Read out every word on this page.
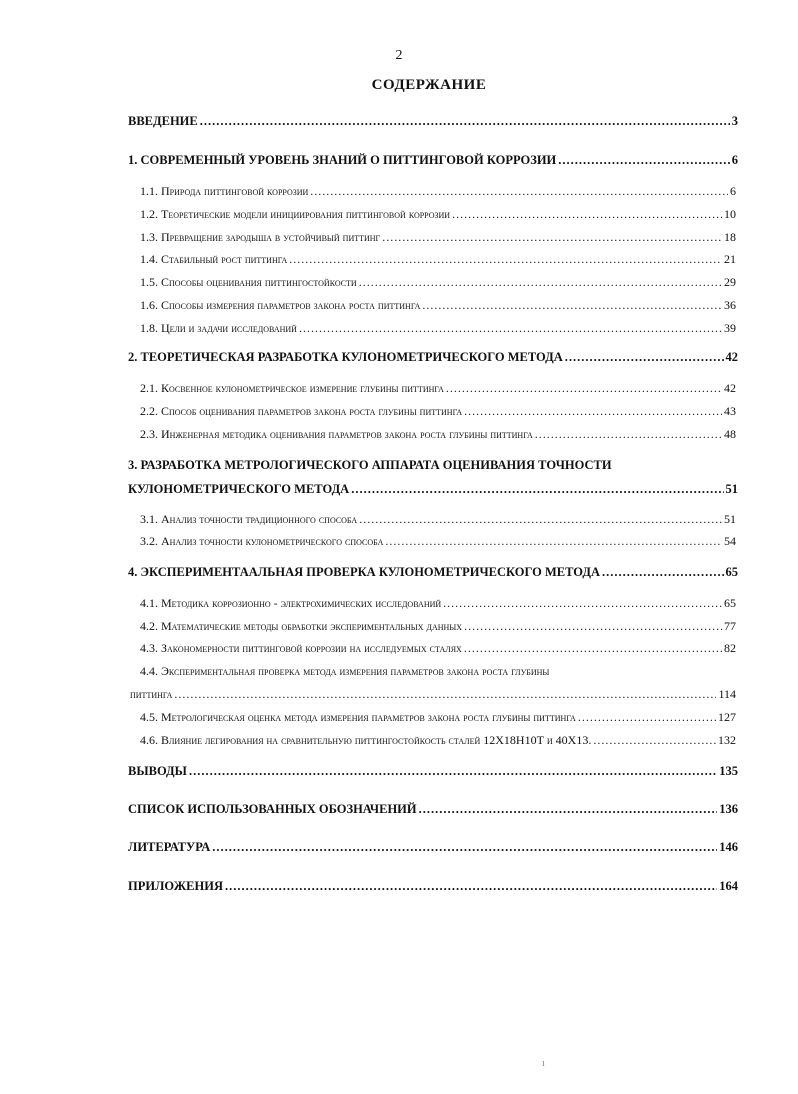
2
СОДЕРЖАНИЕ
ВВЕДЕНИЕ .....	3
1. СОВРЕМЕННЫЙ УРОВЕНЬ ЗНАНИЙ О ПИТТИНГОВОЙ КОРРОЗИИ .....	6
1.1. Природа питтинговой коррозии .....	6
1.2. Теоретические модели инициирования питтинговой коррозии .....	10
1.3. Превращение зародыша в устойчивый питтинг .....	18
1.4. Стабильный рост питтинга .....	21
1.5. Способы оценивания питтингостойкости .....	29
1.6. Способы измерения параметров закона роста питтинга .....	36
1.8. Цели и задачи исследований .....	39
2. ТЕОРЕТИЧЕСКАЯ РАЗРАБОТКА КУЛОНОМЕТРИЧЕСКОГО МЕТОДА .....	42
2.1. Косвенное кулонометрическое измерение глубины питтинга .....	42
2.2. Способ оценивания параметров закона роста глубины питтинга .....	43
2.3. Инженерная методика оценивания параметров закона роста глубины питтинга .....	48
3. РАЗРАБОТКА МЕТРОЛОГИЧЕСКОГО АППАРАТА ОЦЕНИВАНИЯ ТОЧНОСТИ
КУЛОНОМЕТРИЧЕСКОГО МЕТОДА .....	51
3.1. Анализ точности традиционного способа .....	51
3.2. Анализ точности кулонометрического способа .....	54
4. ЭКСПЕРИМЕНТААЛЬНАЯ ПРОВЕРКА КУЛОНОМЕТРИЧЕСКОГО МЕТОДА .....	65
4.1. Методика коррозионно - электрохимических исследований .....	65
4.2. Математические методы обработки экспериментальных данных .....	77
4.3. Закономерности питтинговой коррозии на исследуемых сталях .....	82
4.4. Экспериментальная проверка метода измерения параметров закона роста глубины
питтинга .....	114
4.5. Метрологическая оценка метода измерения параметров закона роста глубины питтинга .....	127
4.6. Влияние легирования на сравнительную питтингостойкость сталей 12Х18Н10Т и 40Х13. .....	132
ВЫВОДЫ .....	135
СПИСОК ИСПОЛЬЗОВАННЫХ ОБОЗНАЧЕНИЙ .....	136
ЛИТЕРАТУРА .....	146
ПРИЛОЖЕНИЯ .....	164
ı
